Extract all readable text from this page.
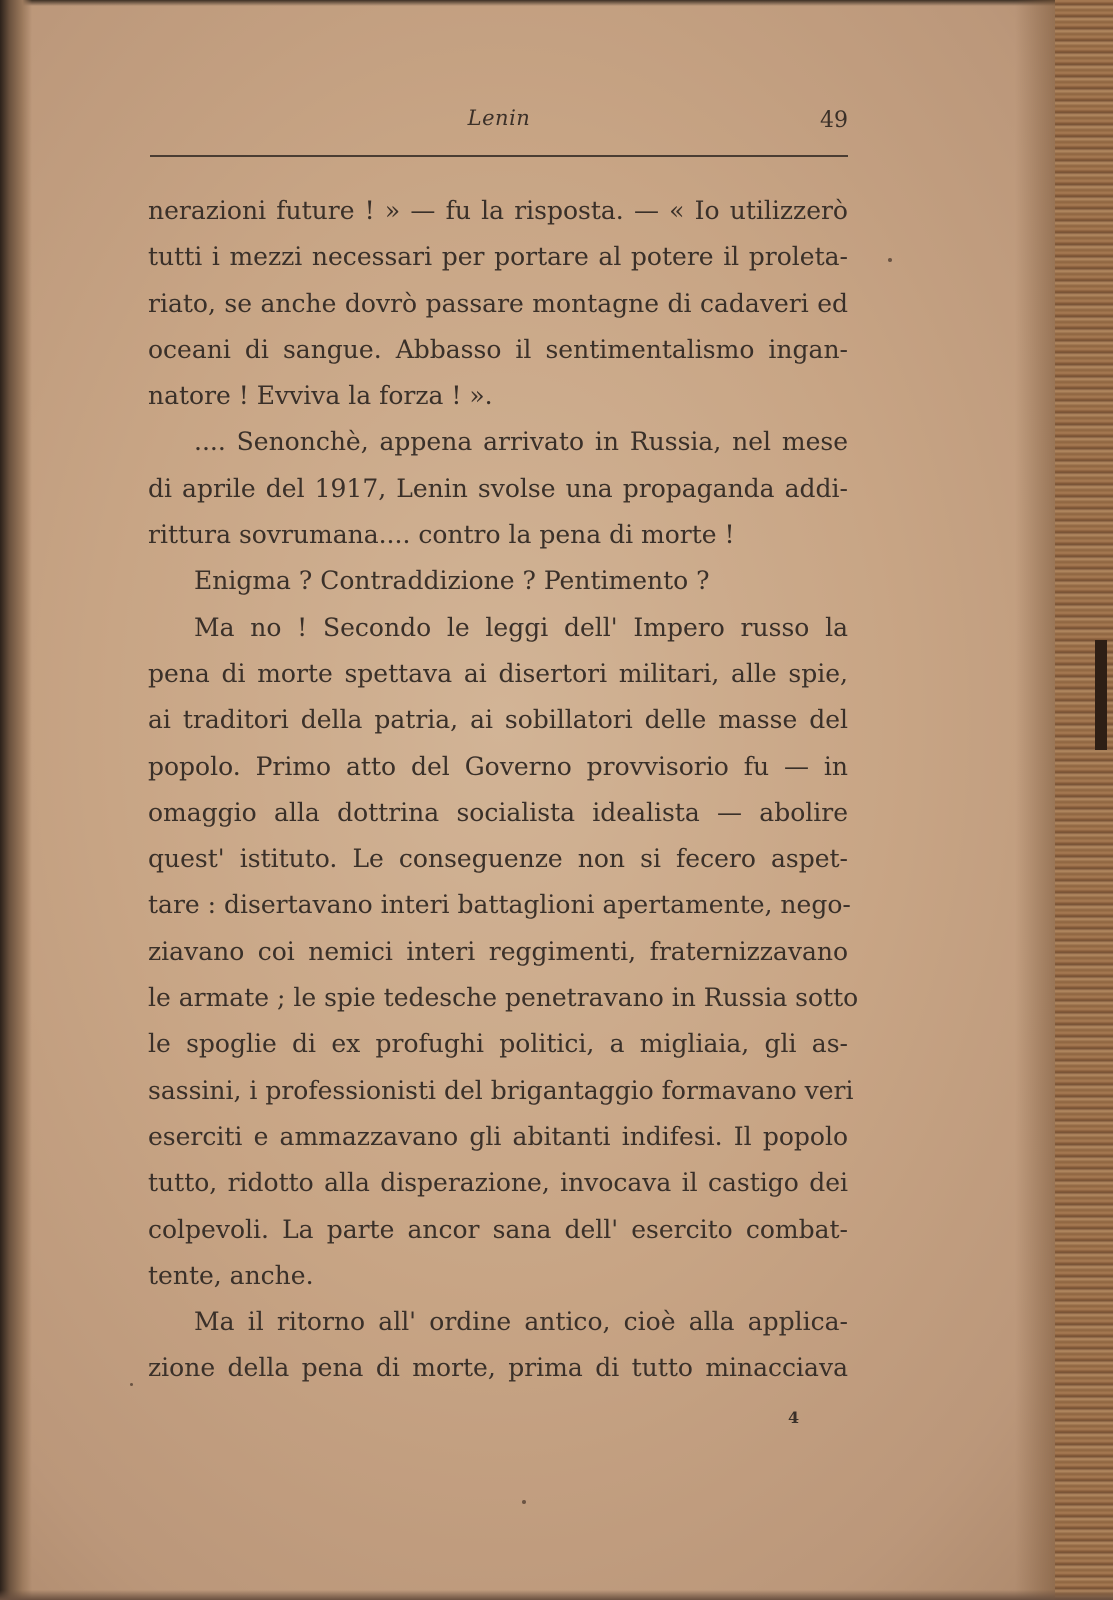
Lenin	49
nerazioni future ! » — fu la risposta. — « Io utilizzerò
tutti i mezzi necessari per portare al potere il proleta-
riato, se anche dovrò passare montagne di cadaveri ed
oceani di sangue. Abbasso il sentimentalismo ingan-
natore ! Evviva la forza ! ».
.... Senonchè, appena arrivato in Russia, nel mese
di aprile del 1917, Lenin svolse una propaganda addi-
rittura sovrumana.... contro la pena di morte !
Enigma ? Contraddizione ? Pentimento ?
Ma no ! Secondo le leggi dell' Impero russo la
pena di morte spettava ai disertori militari, alle spie,
ai traditori della patria, ai sobillatori delle masse del
popolo. Primo atto del Governo provvisorio fu — in
omaggio alla dottrina socialista idealista — abolire
quest' istituto. Le conseguenze non si fecero aspet-
tare : disertavano interi battaglioni apertamente, nego-
ziavano coi nemici interi reggimenti, fraternizzavano
le armate ; le spie tedesche penetravano in Russia sotto
le spoglie di ex profughi politici, a migliaia, gli as-
sassini, i professionisti del brigantaggio formavano veri
eserciti e ammazzavano gli abitanti indifesi. Il popolo
tutto, ridotto alla disperazione, invocava il castigo dei
colpevoli. La parte ancor sana dell' esercito combat-
tente, anche.
Ma il ritorno all' ordine antico, cioè alla applica-
zione della pena di morte, prima di tutto minacciava
4
